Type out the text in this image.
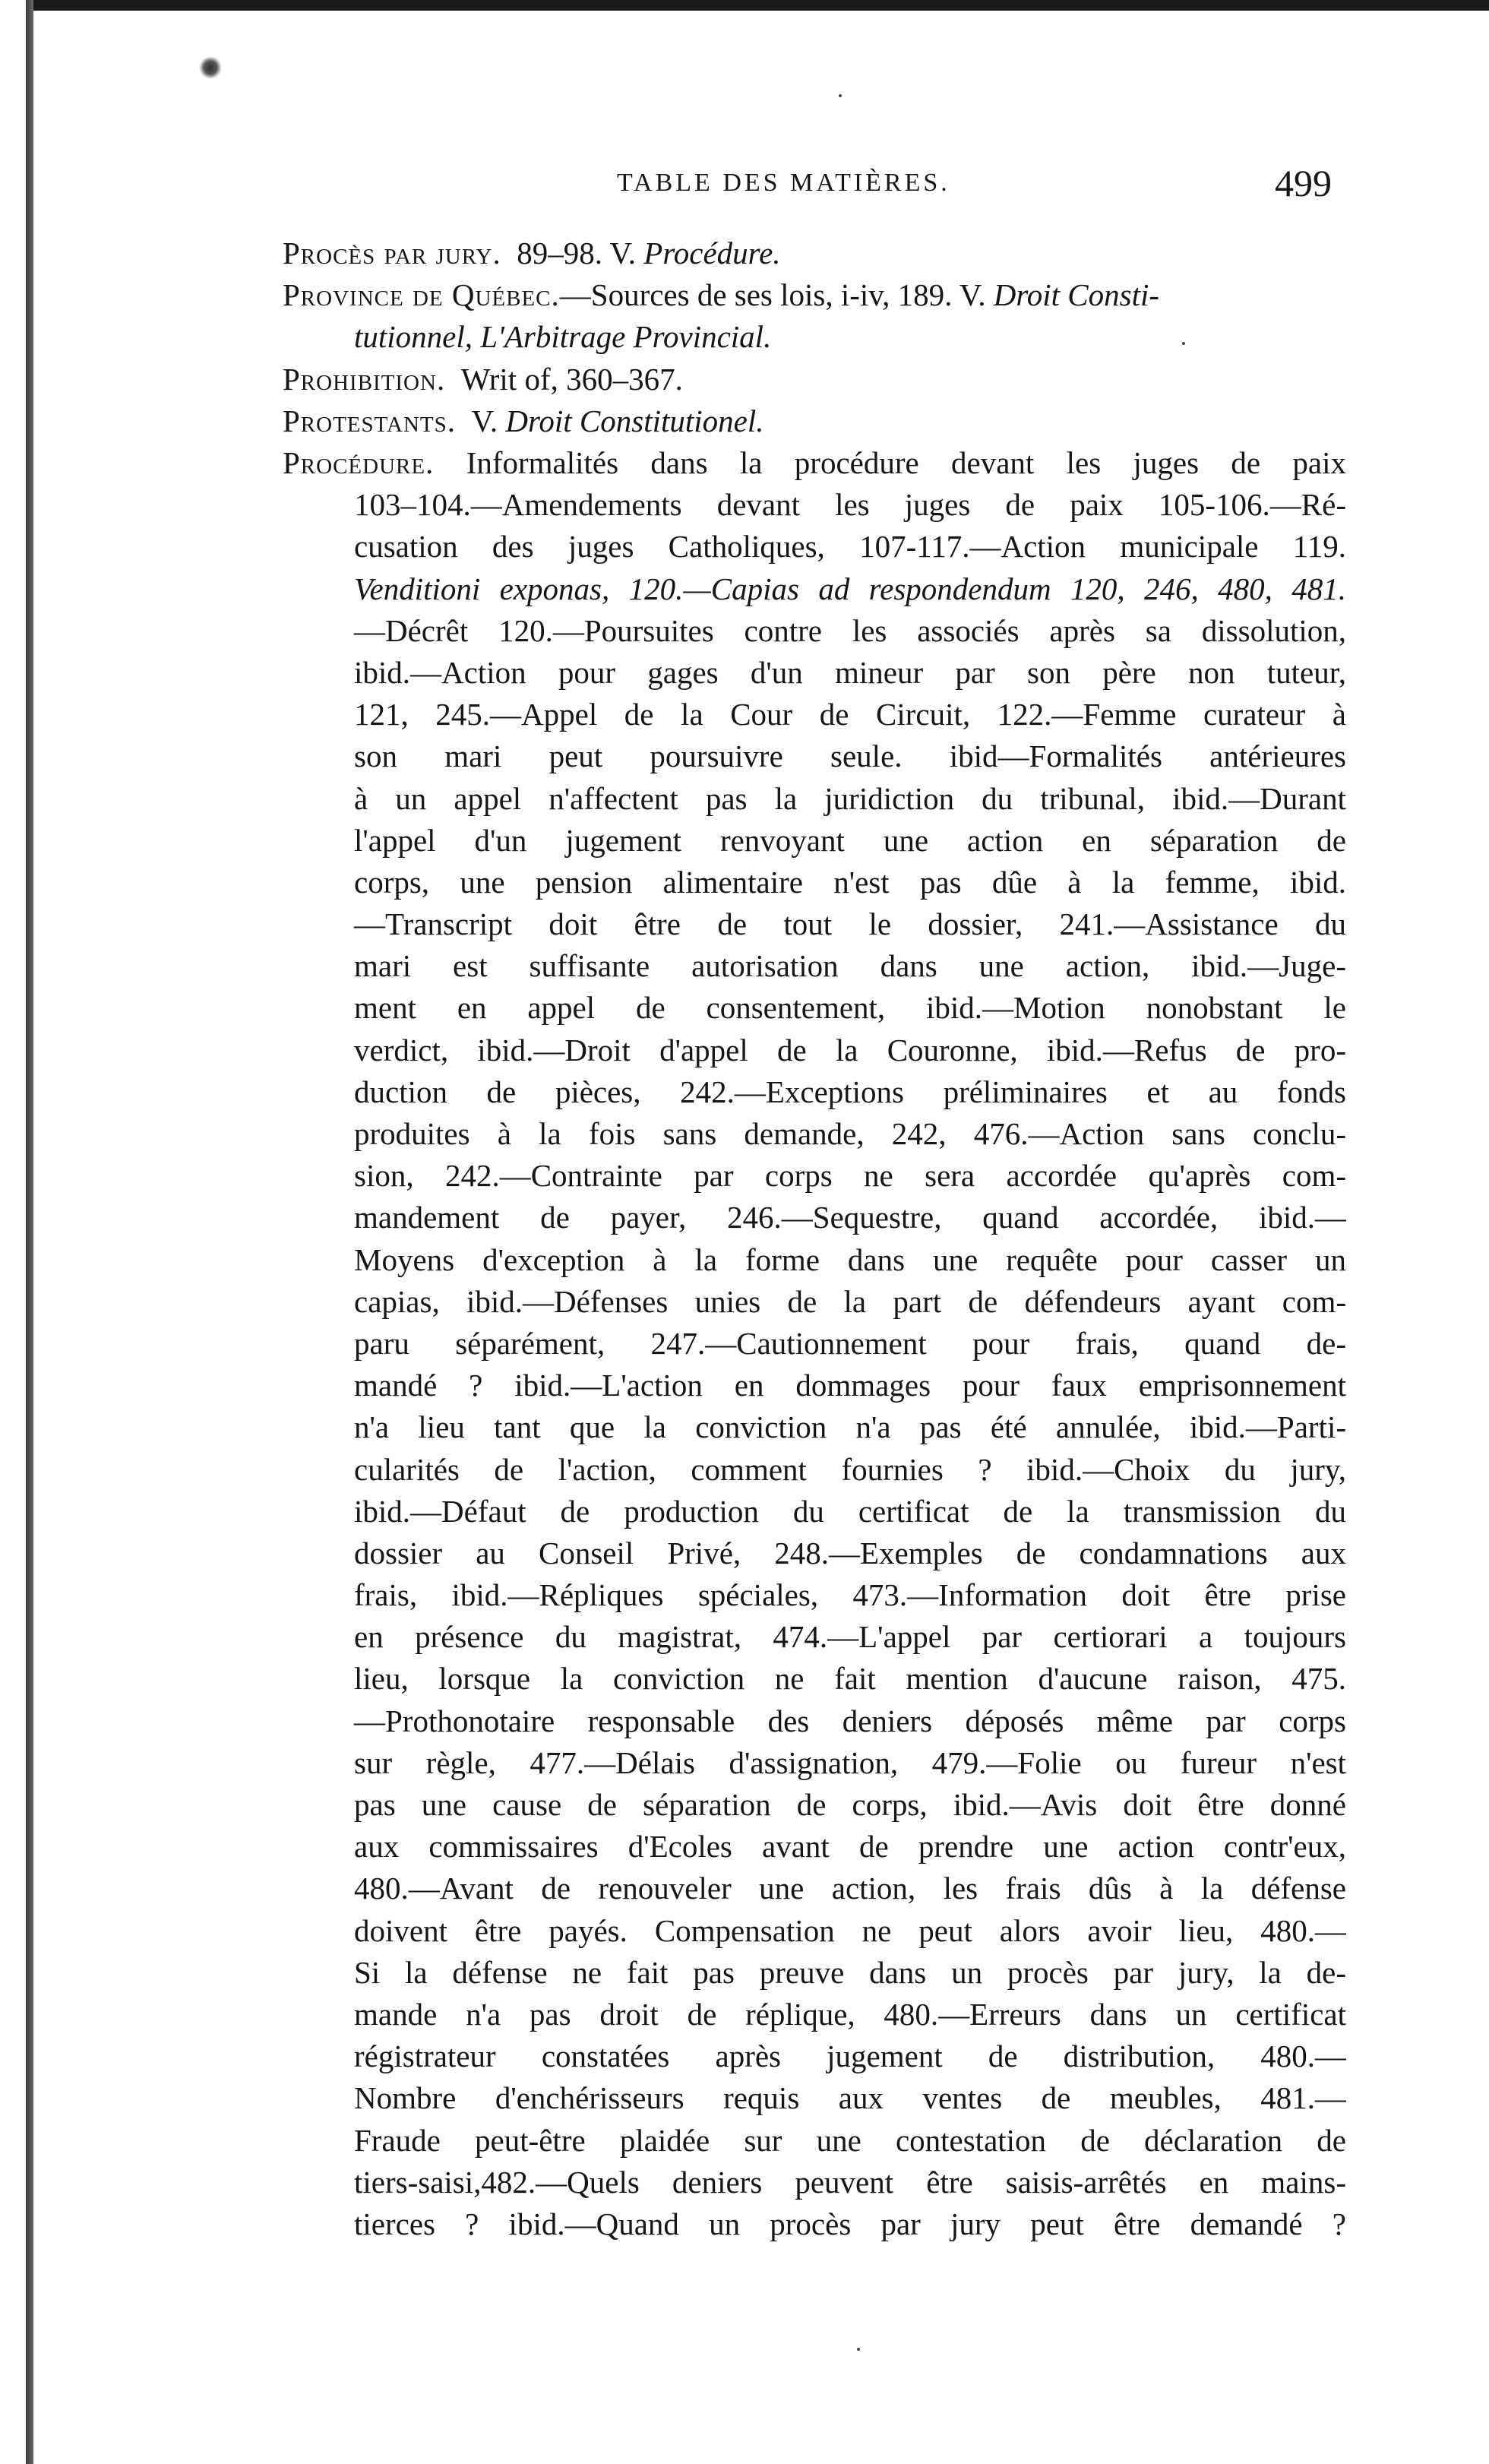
TABLE DES MATIÈRES.	499
Procès par jury. 89–98. V. Procédure.
Province de Québec.—Sources de ses lois, i-iv, 189. V. Droit Consti-
tutionnel, L'Arbitrage Provincial.
Prohibition. Writ of, 360–367.
Protestants. V. Droit Constitutionel.
Procédure. Informalités dans la procédure devant les juges de paix
103–104.—Amendements devant les juges de paix 105-106.—Ré-
cusation des juges Catholiques, 107-117.—Action municipale 119.
Venditioni exponas, 120.—Capias ad respondendum 120, 246, 480, 481.
—Décrêt 120.—Poursuites contre les associés après sa dissolution,
ibid.—Action pour gages d'un mineur par son père non tuteur,
121, 245.—Appel de la Cour de Circuit, 122.—Femme curateur à
son mari peut poursuivre seule. ibid—Formalités antérieures
à un appel n'affectent pas la juridiction du tribunal, ibid.—Durant
l'appel d'un jugement renvoyant une action en séparation de
corps, une pension alimentaire n'est pas dûe à la femme, ibid.
—Transcript doit être de tout le dossier, 241.—Assistance du
mari est suffisante autorisation dans une action, ibid.—Juge-
ment en appel de consentement, ibid.—Motion nonobstant le
verdict, ibid.—Droit d'appel de la Couronne, ibid.—Refus de pro-
duction de pièces, 242.—Exceptions préliminaires et au fonds
produites à la fois sans demande, 242, 476.—Action sans conclu-
sion, 242.—Contrainte par corps ne sera accordée qu'après com-
mandement de payer, 246.—Sequestre, quand accordée, ibid.—
Moyens d'exception à la forme dans une requête pour casser un
capias, ibid.—Défenses unies de la part de défendeurs ayant com-
paru séparément, 247.—Cautionnement pour frais, quand de-
mandé ? ibid.—L'action en dommages pour faux emprisonnement
n'a lieu tant que la conviction n'a pas été annulée, ibid.—Parti-
cularités de l'action, comment fournies ? ibid.—Choix du jury,
ibid.—Défaut de production du certificat de la transmission du
dossier au Conseil Privé, 248.—Exemples de condamnations aux
frais, ibid.—Répliques spéciales, 473.—Information doit être prise
en présence du magistrat, 474.—L'appel par certiorari a toujours
lieu, lorsque la conviction ne fait mention d'aucune raison, 475.
—Prothonotaire responsable des deniers déposés même par corps
sur règle, 477.—Délais d'assignation, 479.—Folie ou fureur n'est
pas une cause de séparation de corps, ibid.—Avis doit être donné
aux commissaires d'Ecoles avant de prendre une action contr'eux,
480.—Avant de renouveler une action, les frais dûs à la défense
doivent être payés. Compensation ne peut alors avoir lieu, 480.—
Si la défense ne fait pas preuve dans un procès par jury, la de-
mande n'a pas droit de réplique, 480.—Erreurs dans un certificat
régistrateur constatées après jugement de distribution, 480.—
Nombre d'enchérisseurs requis aux ventes de meubles, 481.—
Fraude peut-être plaidée sur une contestation de déclaration de
tiers-saisi,482.—Quels deniers peuvent être saisis-arrêtés en mains-
tierces ? ibid.—Quand un procès par jury peut être demandé ?
